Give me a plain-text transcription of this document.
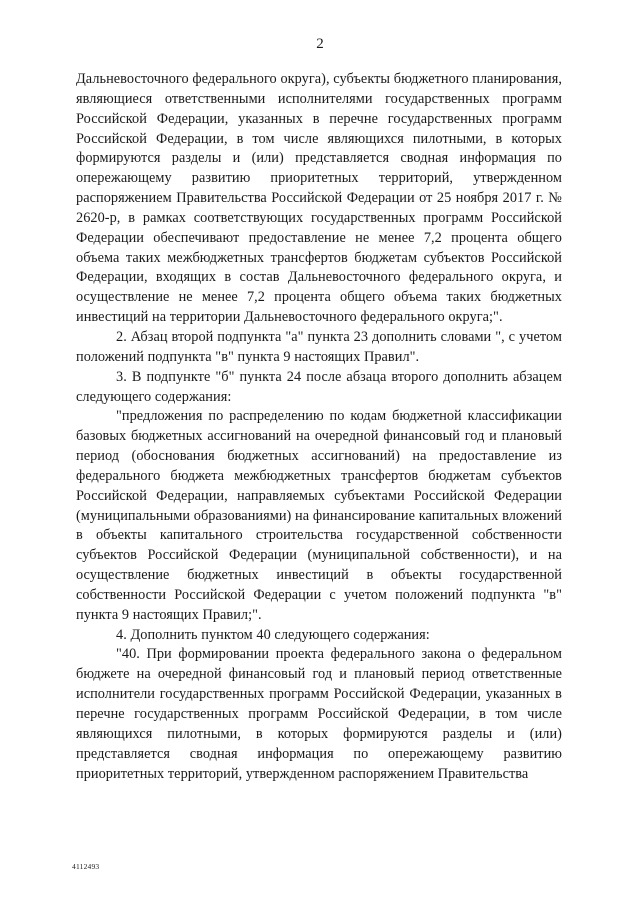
2

Дальневосточного федерального округа), субъекты бюджетного планирования, являющиеся ответственными исполнителями государственных программ Российской Федерации, указанных в перечне государственных программ Российской Федерации, в том числе являющихся пилотными, в которых формируются разделы и (или) представляется сводная информация по опережающему развитию приоритетных территорий, утвержденном распоряжением Правительства Российской Федерации от 25 ноября 2017 г. № 2620-р, в рамках соответствующих государственных программ Российской Федерации обеспечивают предоставление не менее 7,2 процента общего объема таких межбюджетных трансфертов бюджетам субъектов Российской Федерации, входящих в состав Дальневосточного федерального округа, и осуществление не менее 7,2 процента общего объема таких бюджетных инвестиций на территории Дальневосточного федерального округа;".

2. Абзац второй подпункта "а" пункта 23 дополнить словами ", с учетом положений подпункта "в" пункта 9 настоящих Правил".

3. В подпункте "б" пункта 24 после абзаца второго дополнить абзацем следующего содержания:

"предложения по распределению по кодам бюджетной классификации базовых бюджетных ассигнований на очередной финансовый год и плановый период (обоснования бюджетных ассигнований) на предоставление из федерального бюджета межбюджетных трансфертов бюджетам субъектов Российской Федерации, направляемых субъектами Российской Федерации (муниципальными образованиями) на финансирование капитальных вложений в объекты капитального строительства государственной собственности субъектов Российской Федерации (муниципальной собственности), и на осуществление бюджетных инвестиций в объекты государственной собственности Российской Федерации с учетом положений подпункта "в" пункта 9 настоящих Правил;".

4. Дополнить пунктом 40 следующего содержания:

"40. При формировании проекта федерального закона о федеральном бюджете на очередной финансовый год и плановый период ответственные исполнители государственных программ Российской Федерации, указанных в перечне государственных программ Российской Федерации, в том числе являющихся пилотными, в которых формируются разделы и (или) представляется сводная информация по опережающему развитию приоритетных территорий, утвержденном распоряжением Правительства

4112493
